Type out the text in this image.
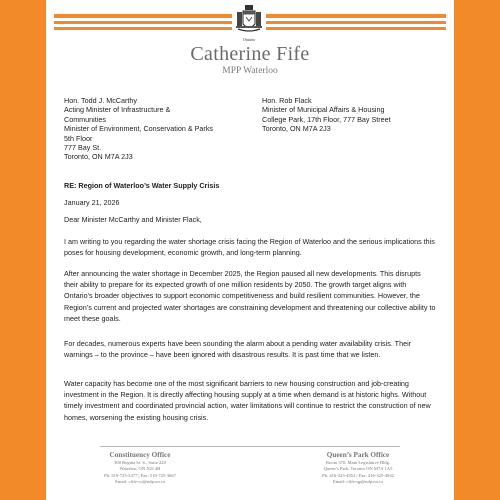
Ontario
Catherine Fife
MPP Waterloo
Hon. Todd J. McCarthy
Acting Minister of Infrastructure &
Communities
Minister of Environment, Conservation & Parks
5th Floor
777 Bay St.
Toronto, ON M7A 2J3
Hon. Rob Flack
Minister of Municipal Affairs & Housing
College Park, 17th Floor, 777 Bay Street
Toronto, ON M7A 2J3
RE: Region of Waterloo’s Water Supply Crisis
January 21, 2026
Dear Minister McCarthy and Minister Flack,
I am writing to you regarding the water shortage crisis facing the Region of Waterloo and the serious implications this poses for housing development, economic growth, and long-term planning.
After announcing the water shortage in December 2025, the Region paused all new developments. This disrupts their ability to prepare for its expected growth of one million residents by 2050. The growth target aligns with Ontario’s broader objectives to support economic competitiveness and build resilient communities. However, the Region’s current and projected water shortages are constraining development and threatening our collective ability to meet these goals.
For decades, numerous experts have been sounding the alarm about a pending water availability crisis. Their warnings – to the province – have been ignored with disastrous results. It is past time that we listen.
Water capacity has become one of the most significant barriers to new housing construction and job-creating investment in the Region. It is directly affecting housing supply at a time when demand is at historic highs. Without timely investment and coordinated provincial action, water limitations will continue to restrict the construction of new homes, worsening the existing housing crisis.
Constituency Office
300 Regina St. S., Suite 220
Waterloo, ON N2J 4H
Ph: 519-725-3477 | Fax: 519-725-3667
Email: cfife-co@ndp.on.ca
Queen’s Park Office
Room 370, Main Legislative Bldg.
Queen’s Park, Toronto ON M7A 1A5
Ph: 416-325-4952 | Fax: 416-325-4942
Email: cfife-qp@ndp.on.ca
